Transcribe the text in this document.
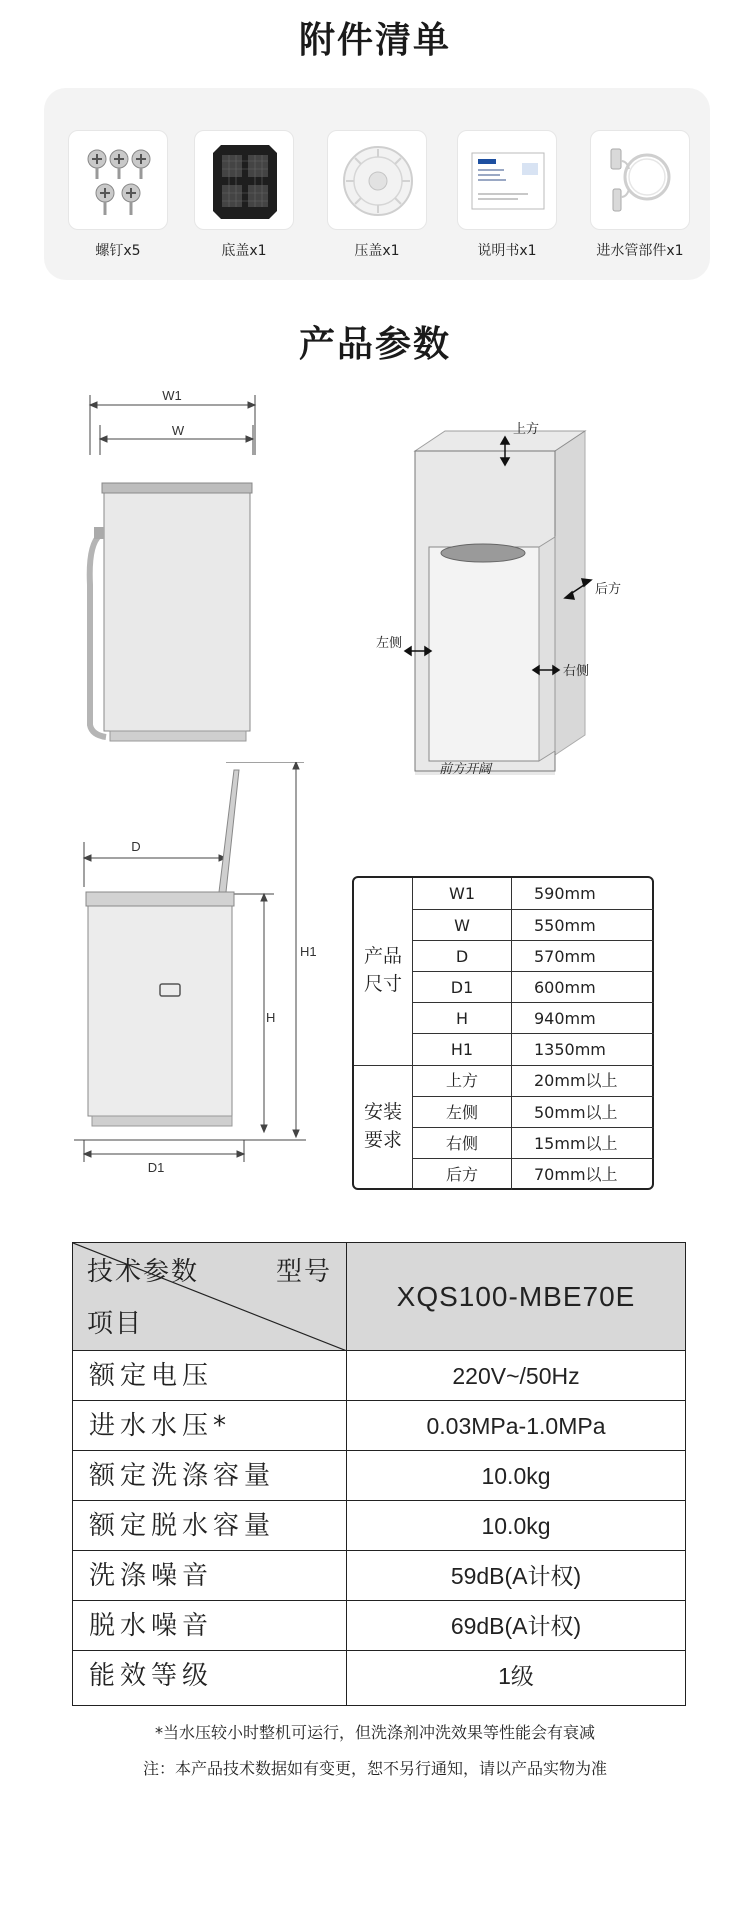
附件清单
螺钉x5	底盖x1	压盖x1	说明书x1	进水管部件x1
产品参数
W1
W	上方
后方
左侧
右侧
前方开阔
D
H1
H
D1
产品
尺寸
安装
要求
W1	590mm
W	550mm
D	570mm
D1	600mm
H	940mm
H1	1350mm
上方	20mm以上
左侧	50mm以上
右侧	15mm以上
后方	70mm以上
技术参数	型号
项目
XQS100-MBE70E
额定电压	220V~/50Hz
进水水压*	0.03MPa-1.0MPa
额定洗涤容量	10.0kg
额定脱水容量	10.0kg
洗涤噪音	59dB(A计权)
脱水噪音	69dB(A计权)
能效等级	1级
*当水压较小时整机可运行，但洗涤剂冲洗效果等性能会有衰减
注：本产品技术数据如有变更，恕不另行通知，请以产品实物为准
